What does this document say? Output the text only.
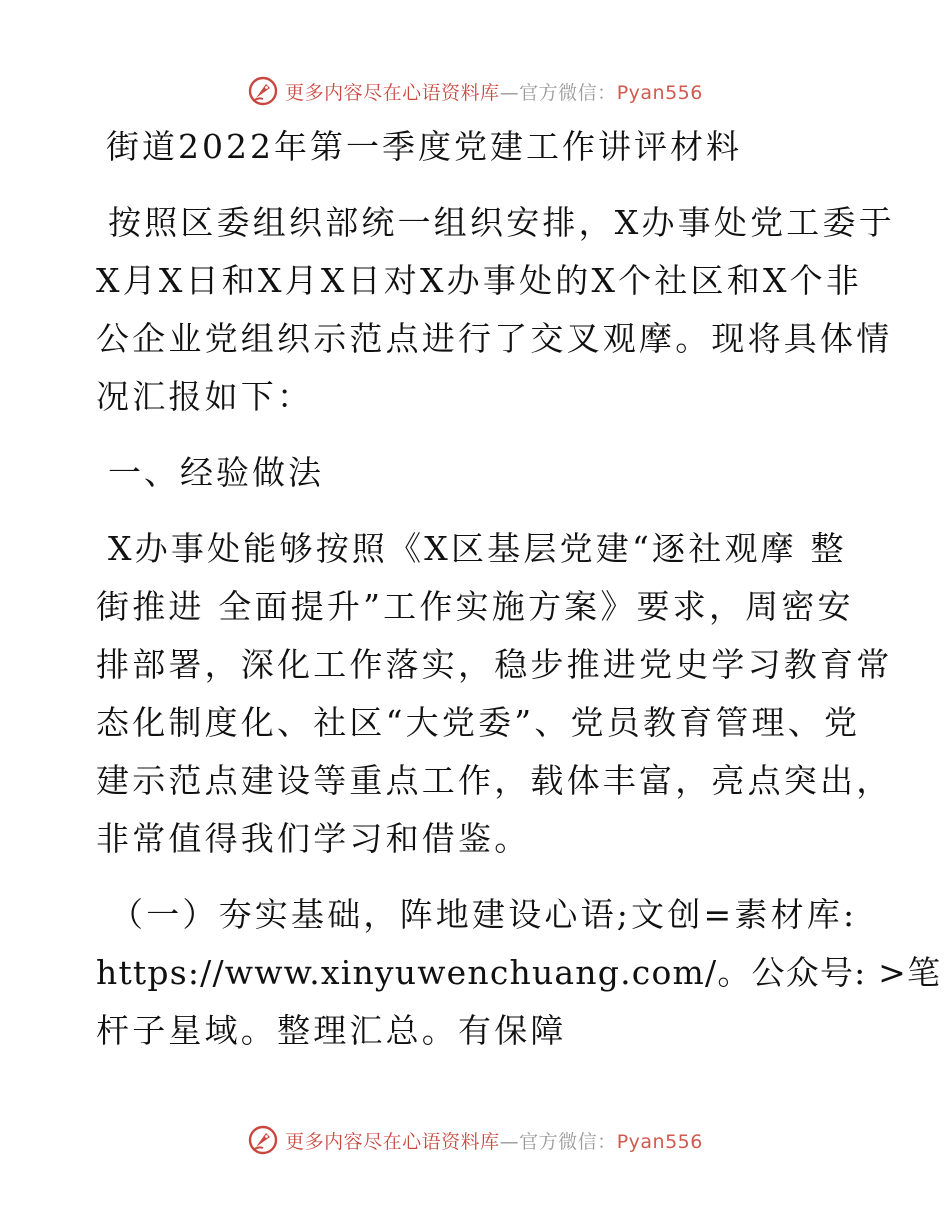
更多内容尽在心语资料库—官方微信：Pyan556

街道2022年第一季度党建工作讲评材料

按照区委组织部统一组织安排，X办事处党工委于
X月X日和X月X日对X办事处的X个社区和X个非
公企业党组织示范点进行了交叉观摩。现将具体情
况汇报如下：

一、经验做法

X办事处能够按照《X区基层党建“逐社观摩 整
街推进 全面提升”工作实施方案》要求，周密安
排部署，深化工作落实，稳步推进党史学习教育常
态化制度化、社区“大党委”、党员教育管理、党
建示范点建设等重点工作，载体丰富，亮点突出，
非常值得我们学习和借鉴。

（一）夯实基础，阵地建设心语;文创=素材库:
https://www.xinyuwenchuang.com/。公众号: >笔
杆子星域。整理汇总。有保障

更多内容尽在心语资料库—官方微信：Pyan556
